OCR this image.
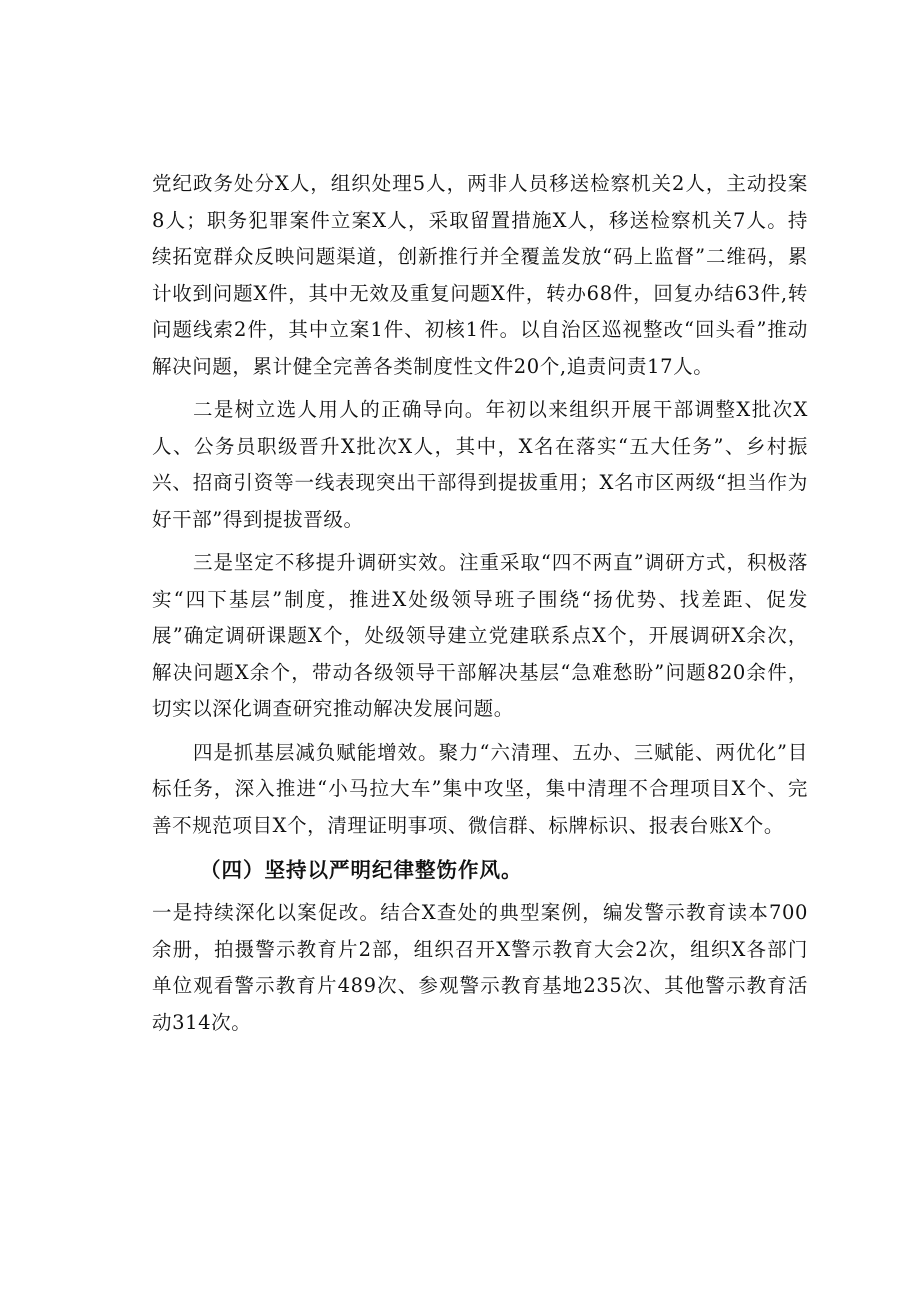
党纪政务处分X人，组织处理5人，两非人员移送检察机关2人，主动投案8人；职务犯罪案件立案X人，采取留置措施X人，移送检察机关7人。持续拓宽群众反映问题渠道，创新推行并全覆盖发放“码上监督”二维码，累计收到问题X件，其中无效及重复问题X件，转办68件，回复办结63件,转问题线索2件，其中立案1件、初核1件。以自治区巡视整改“回头看”推动解决问题，累计健全完善各类制度性文件20个,追责问责17人。

二是树立选人用人的正确导向。年初以来组织开展干部调整X批次X人、公务员职级晋升X批次X人，其中，X名在落实“五大任务”、乡村振兴、招商引资等一线表现突出干部得到提拔重用；X名市区两级“担当作为好干部”得到提拔晋级。

三是坚定不移提升调研实效。注重采取“四不两直”调研方式，积极落实“四下基层”制度，推进X处级领导班子围绕“扬优势、找差距、促发展”确定调研课题X个，处级领导建立党建联系点X个，开展调研X余次，解决问题X余个，带动各级领导干部解决基层“急难愁盼”问题820余件，切实以深化调查研究推动解决发展问题。

四是抓基层减负赋能增效。聚力“六清理、五办、三赋能、两优化”目标任务，深入推进“小马拉大车”集中攻坚，集中清理不合理项目X个、完善不规范项目X个，清理证明事项、微信群、标牌标识、报表台账X个。

（四）坚持以严明纪律整饬作风。

一是持续深化以案促改。结合X查处的典型案例，编发警示教育读本700余册，拍摄警示教育片2部，组织召开X警示教育大会2次，组织X各部门单位观看警示教育片489次、参观警示教育基地235次、其他警示教育活动314次。
